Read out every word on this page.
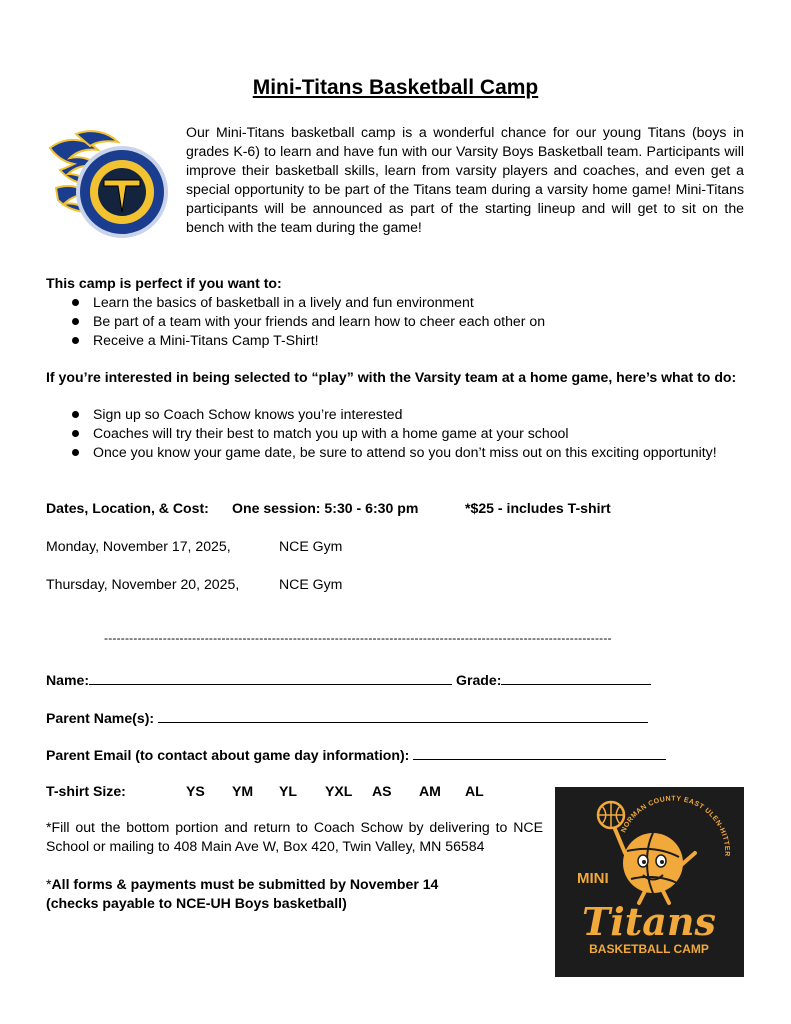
Mini-Titans Basketball Camp

Our Mini-Titans basketball camp is a wonderful chance for our young Titans (boys in grades K-6) to learn and have fun with our Varsity Boys Basketball team. Participants will improve their basketball skills, learn from varsity players and coaches, and even get a special opportunity to be part of the Titans team during a varsity home game! Mini-Titans participants will be announced as part of the starting lineup and will get to sit on the bench with the team during the game!

This camp is perfect if you want to:

Learn the basics of basketball in a lively and fun environment
Be part of a team with your friends and learn how to cheer each other on
Receive a Mini-Titans Camp T-Shirt!

If you’re interested in being selected to “play” with the Varsity team at a home game, here’s what to do:

Sign up so Coach Schow knows you’re interested
Coaches will try their best to match you up with a home game at your school
Once you know your game date, be sure to attend so you don’t miss out on this exciting opportunity!
Dates, Location, & Cost: One session: 5:30 - 6:30 pm	*$25 - includes T-shirt
Monday, November 17, 2025,	NCE Gym
Thursday, November 20, 2025,	NCE Gym
-------------------------------------------------------------------------------------------------------------------------
Name:	Grade:
Parent Name(s):
Parent Email (to contact about game day information):
T-shirt Size:	YS YM YL YXL AS AM AL

*Fill out the bottom portion and return to Coach Schow by delivering to NCE School or mailing to 408 Main Ave W, Box 420, Twin Valley, MN 56584

*All forms & payments must be submitted by November 14
(checks payable to NCE-UH Boys basketball)

NORMAN COUNTY EAST ULEN-HITTER
MINI
Titans
BASKETBALL CAMP
